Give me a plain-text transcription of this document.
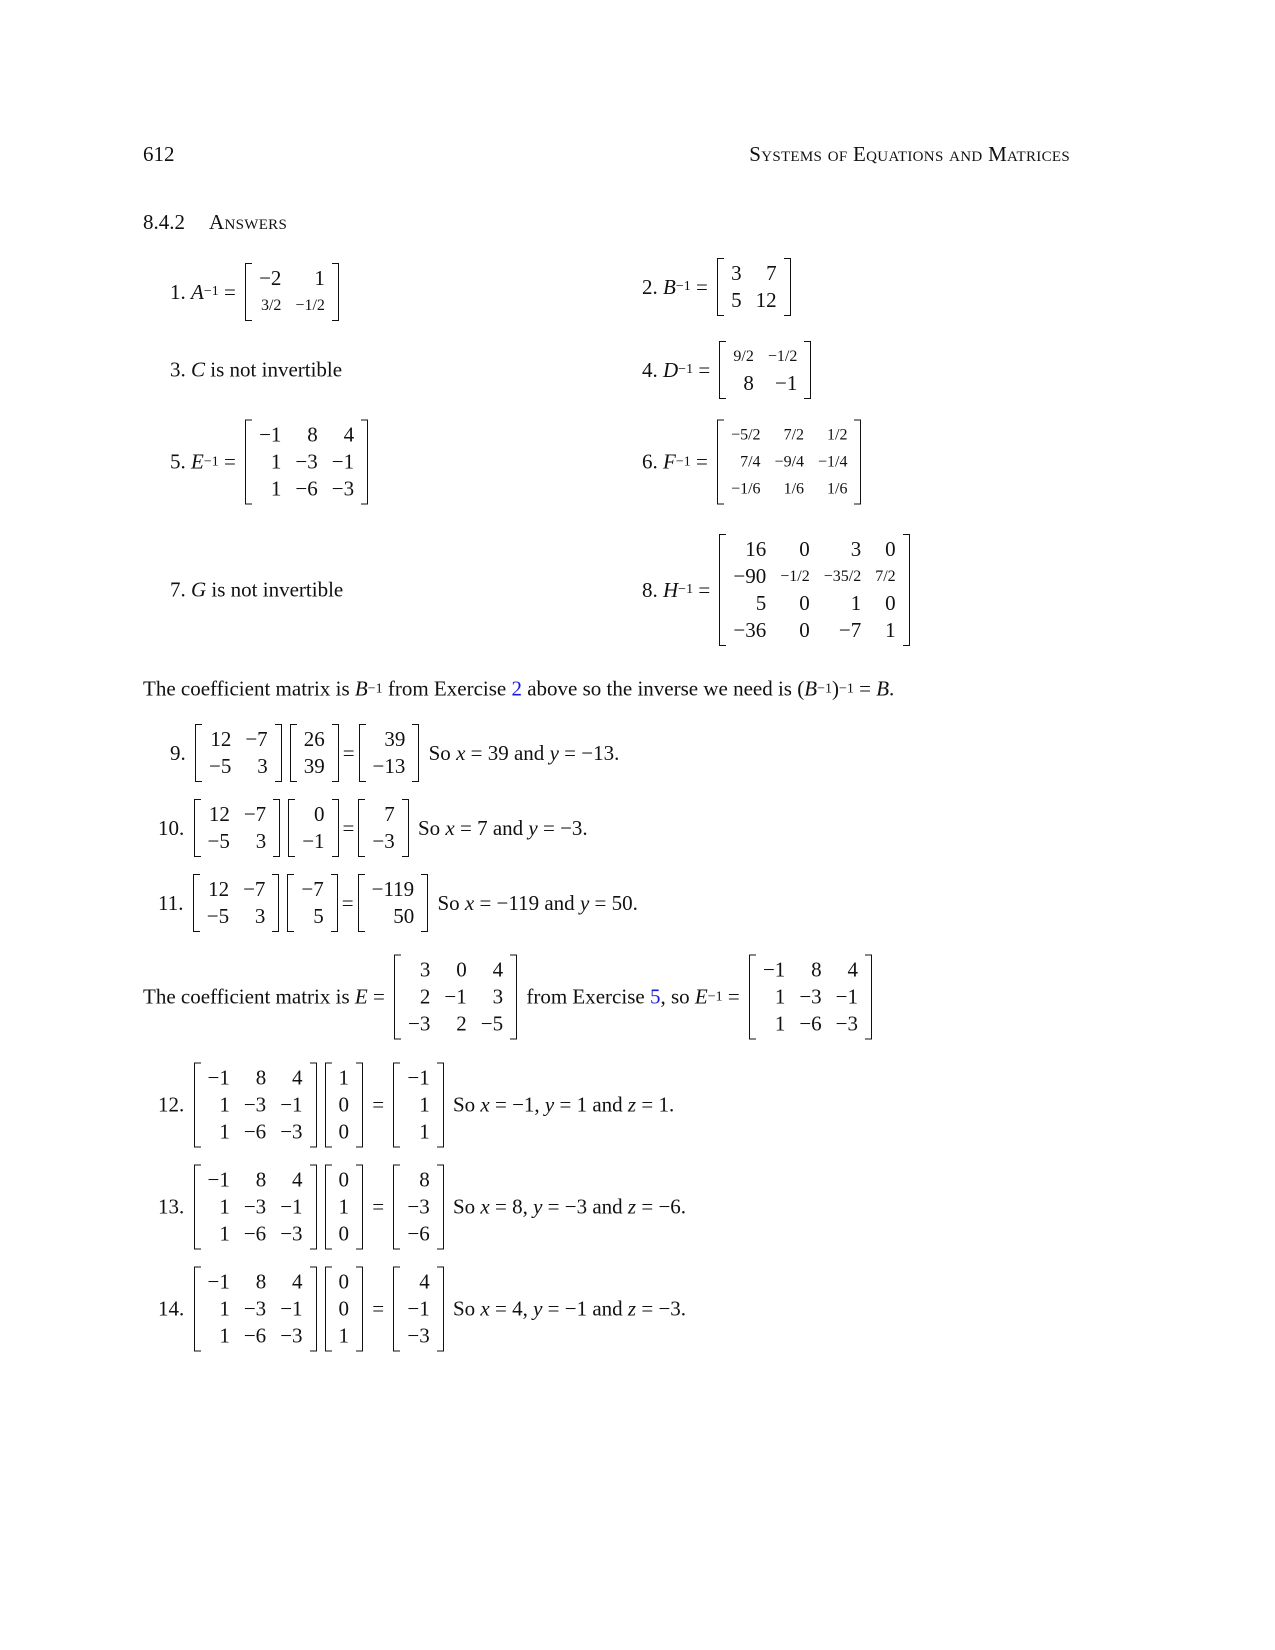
612	Systems of Equations and Matrices
8.4.2 Answers
1. A −1 =
−2	1
3/2	−1/2
2. B −1 =
3	7
5	12
3. C is not invertible	4. D −1 =
9/2	−1/2
8	−1
5. E −1 =
−1	8	4
1	−3	−1
1	−6	−3
6. F −1 =
−5/2	7/2	1/2
7/4	−9/4	−1/4
−1/6	1/6	1/6
7. G is not invertible	8. H −1 =
16	0	3	0
−90	−1/2	−35/2	7/2
5	0	1	0
−36	0	−7	1
The coefficient matrix is B −1 from Exercise 2 above so the inverse we need is ( B −1 ) −1 = B .
9.
12	−7
−5	3
26
39
=
39
−13
So x = 39 and y = −13.
10.
12	−7
−5	3
0
−1
=
7
−3
So x = 7 and y = −3.
11.
12	−7
−5	3
−7
5
=
−119
50
So x = −119 and y = 50.
The coefficient matrix is E =
3	0	4
2	−1	3
−3	2	−5
from Exercise 5 , so E −1 =
−1	8	4
1	−3	−1
1	−6	−3
12.
−1	8	4
1	−3	−1
1	−6	−3
1
0
0
=
−1
1
1
So x = −1, y = 1 and z = 1.
13.
−1	8	4
1	−3	−1
1	−6	−3
0
1
0
=
8
−3
−6
So x = 8, y = −3 and z = −6.
14.
−1	8	4
1	−3	−1
1	−6	−3
0
0
1
=
4
−1
−3
So x = 4, y = −1 and z = −3.
